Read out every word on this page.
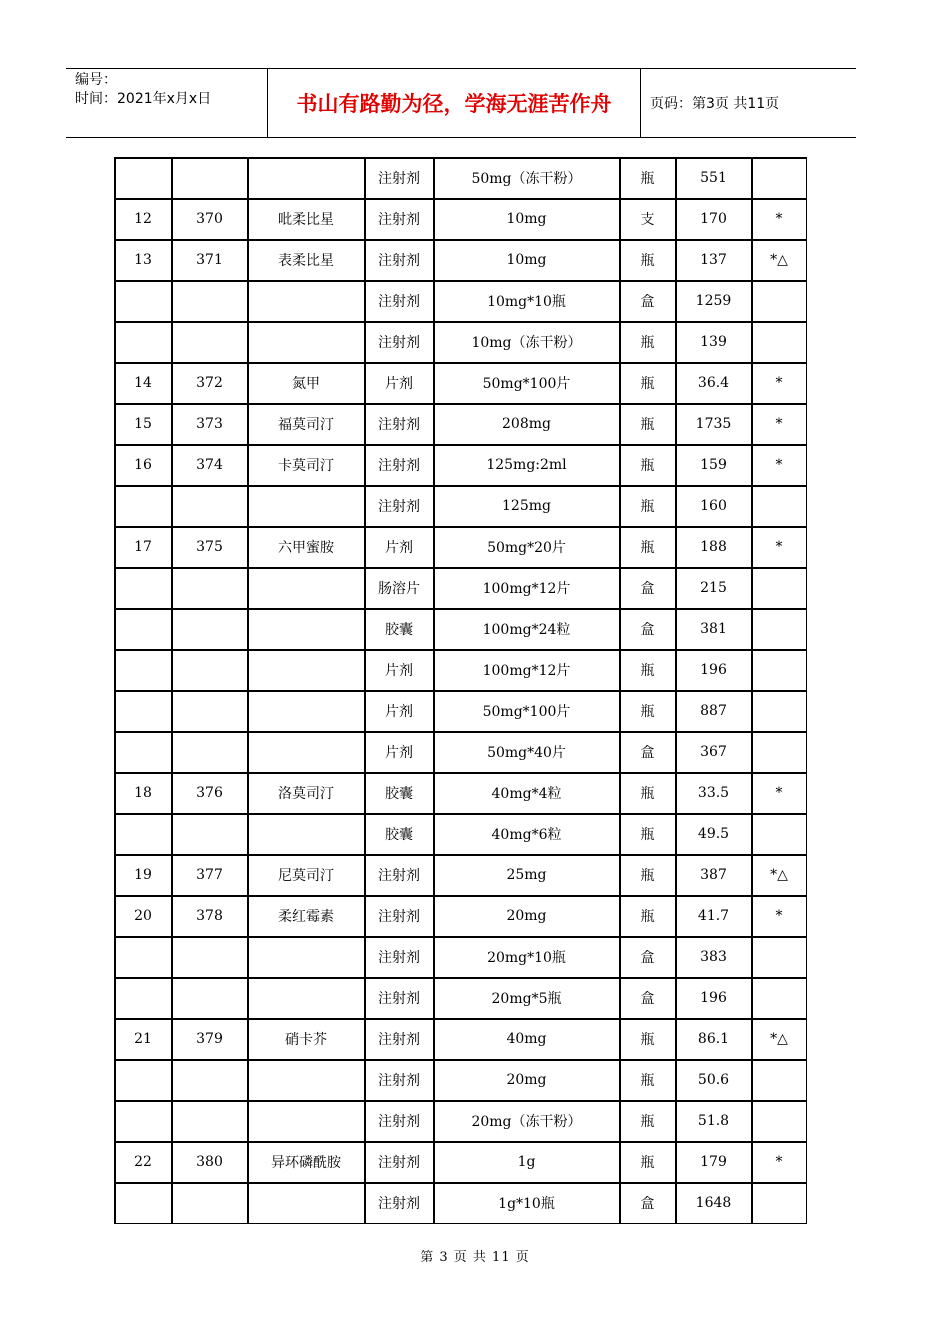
编号：
时间：2021年x月x日	书山有路勤为径，学海无涯苦作舟	页码：第3页 共11页
			注射剂	50mg（冻干粉）	瓶	551	
12	370	吡柔比星	注射剂	10mg	支	170	*
13	371	表柔比星	注射剂	10mg	瓶	137	*△
			注射剂	10mg*10瓶	盒	1259	
			注射剂	10mg（冻干粉）	瓶	139	
14	372	氮甲	片剂	50mg*100片	瓶	36.4	*
15	373	福莫司汀	注射剂	208mg	瓶	1735	*
16	374	卡莫司汀	注射剂	125mg:2ml	瓶	159	*
			注射剂	125mg	瓶	160	
17	375	六甲蜜胺	片剂	50mg*20片	瓶	188	*
			肠溶片	100mg*12片	盒	215	
			胶囊	100mg*24粒	盒	381	
			片剂	100mg*12片	瓶	196	
			片剂	50mg*100片	瓶	887	
			片剂	50mg*40片	盒	367	
18	376	洛莫司汀	胶囊	40mg*4粒	瓶	33.5	*
			胶囊	40mg*6粒	瓶	49.5	
19	377	尼莫司汀	注射剂	25mg	瓶	387	*△
20	378	柔红霉素	注射剂	20mg	瓶	41.7	*
			注射剂	20mg*10瓶	盒	383	
			注射剂	20mg*5瓶	盒	196	
21	379	硝卡芥	注射剂	40mg	瓶	86.1	*△
			注射剂	20mg	瓶	50.6	
			注射剂	20mg（冻干粉）	瓶	51.8	
22	380	异环磷酰胺	注射剂	1g	瓶	179	*
			注射剂	1g*10瓶	盒	1648	
第 3 页 共 11 页
